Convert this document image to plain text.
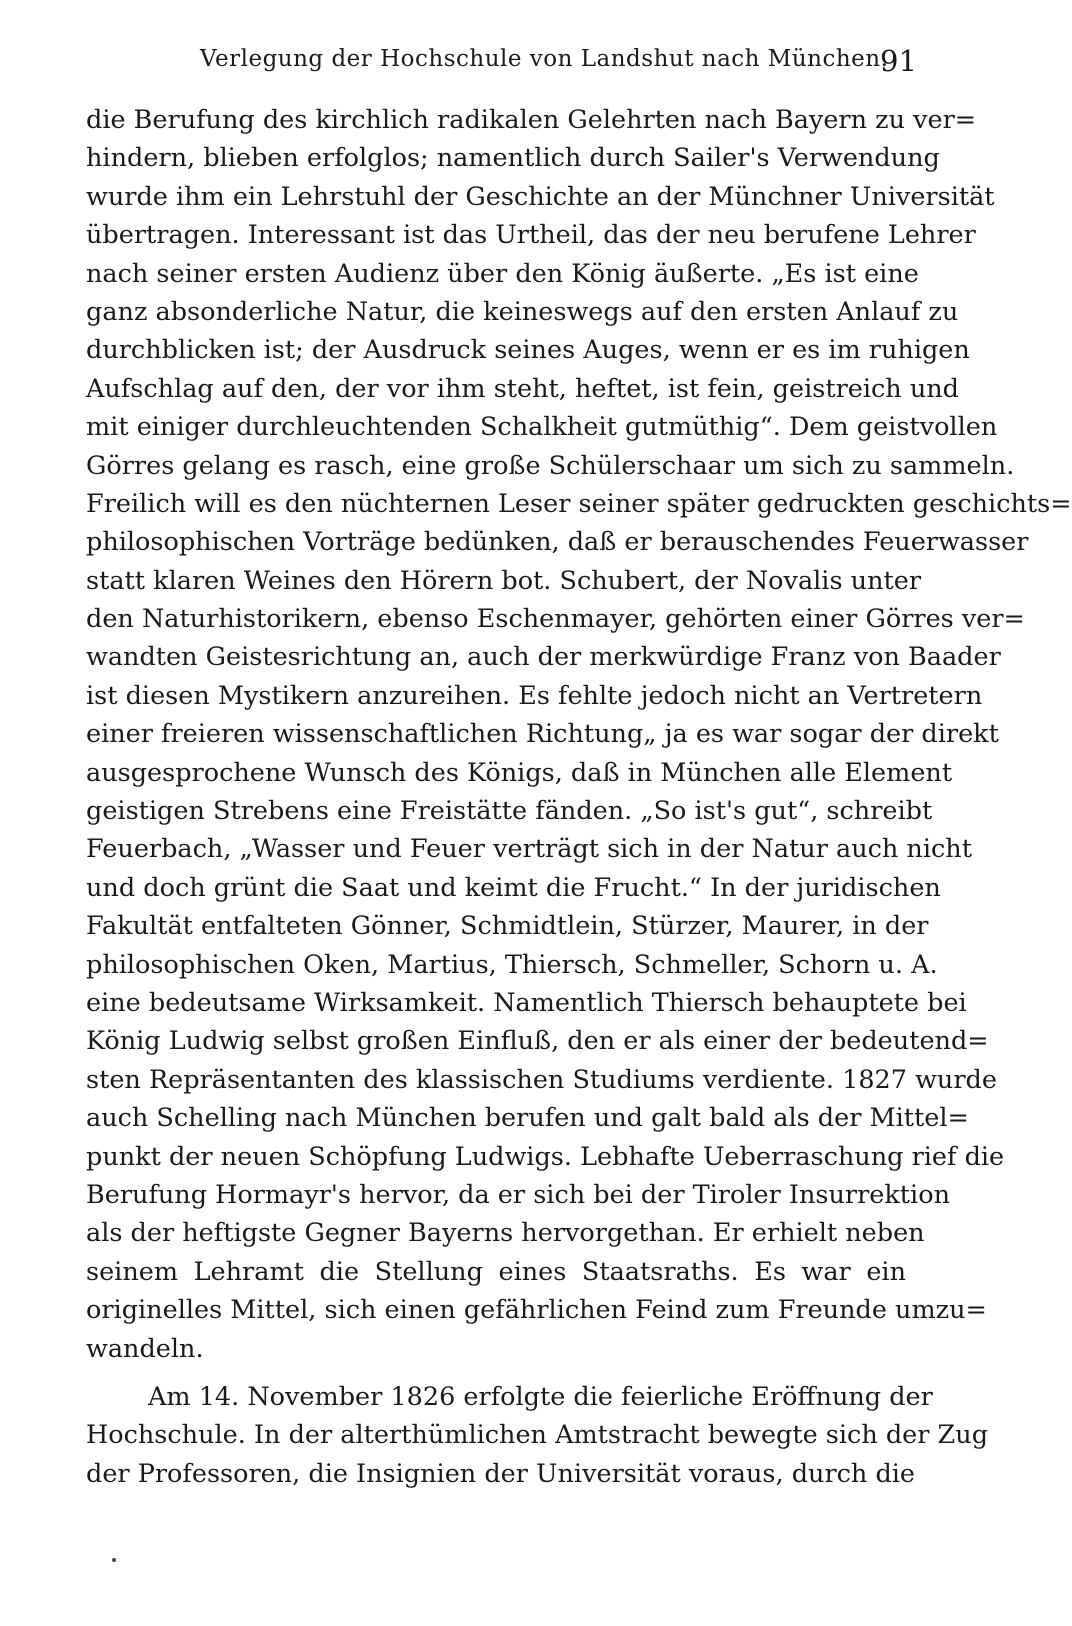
Verlegung der Hochschule von Landshut nach München.
91
die Berufung des kirchlich radikalen Gelehrten nach Bayern zu ver=
hindern, blieben erfolglos; namentlich durch Sailer's Verwendung
wurde ihm ein Lehrstuhl der Geschichte an der Münchner Universität
übertragen. Interessant ist das Urtheil, das der neu berufene Lehrer
nach seiner ersten Audienz über den König äußerte. „Es ist eine
ganz absonderliche Natur, die keineswegs auf den ersten Anlauf zu
durchblicken ist; der Ausdruck seines Auges, wenn er es im ruhigen
Aufschlag auf den, der vor ihm steht, heftet, ist fein, geistreich und
mit einiger durchleuchtenden Schalkheit gutmüthig“. Dem geistvollen
Görres gelang es rasch, eine große Schülerschaar um sich zu sammeln.
Freilich will es den nüchternen Leser seiner später gedruckten geschichts=
philosophischen Vorträge bedünken, daß er berauschendes Feuerwasser
statt klaren Weines den Hörern bot. Schubert, der Novalis unter
den Naturhistorikern, ebenso Eschenmayer, gehörten einer Görres ver=
wandten Geistesrichtung an, auch der merkwürdige Franz von Baader
ist diesen Mystikern anzureihen. Es fehlte jedoch nicht an Vertretern
einer freieren wissenschaftlichen Richtung„ ja es war sogar der direkt
ausgesprochene Wunsch des Königs, daß in München alle Element
geistigen Strebens eine Freistätte fänden. „So ist's gut“, schreibt
Feuerbach, „Wasser und Feuer verträgt sich in der Natur auch nicht
und doch grünt die Saat und keimt die Frucht.“ In der juridischen
Fakultät entfalteten Gönner, Schmidtlein, Stürzer, Maurer, in der
philosophischen Oken, Martius, Thiersch, Schmeller, Schorn u. A.
eine bedeutsame Wirksamkeit. Namentlich Thiersch behauptete bei
König Ludwig selbst großen Einfluß, den er als einer der bedeutend=
sten Repräsentanten des klassischen Studiums verdiente. 1827 wurde
auch Schelling nach München berufen und galt bald als der Mittel=
punkt der neuen Schöpfung Ludwigs. Lebhafte Ueberraschung rief die
Berufung Hormayr's hervor, da er sich bei der Tiroler Insurrektion
als der heftigste Gegner Bayerns hervorgethan. Er erhielt neben
seinem Lehramt die Stellung eines Staatsraths. Es war ein
originelles Mittel, sich einen gefährlichen Feind zum Freunde umzu=
wandeln.
Am 14. November 1826 erfolgte die feierliche Eröffnung der
Hochschule. In der alterthümlichen Amtstracht bewegte sich der Zug
der Professoren, die Insignien der Universität voraus, durch die
